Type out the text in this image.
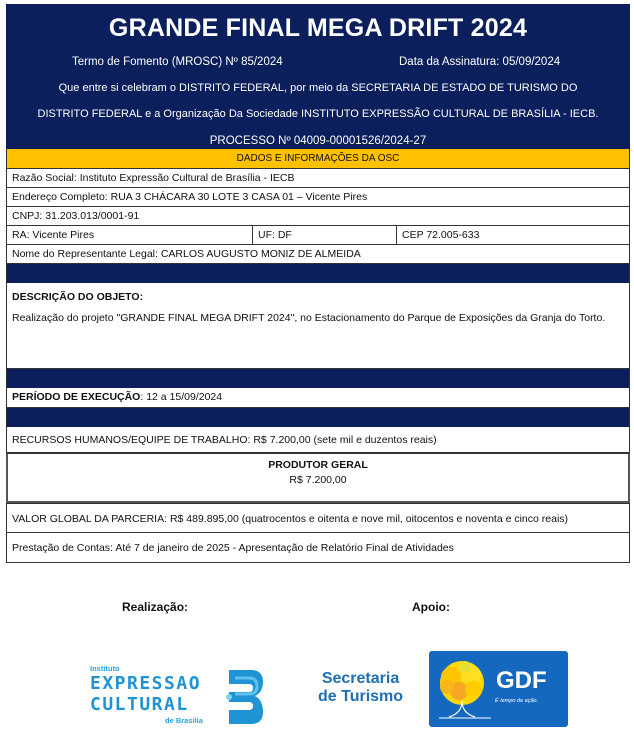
GRANDE FINAL MEGA DRIFT 2024
Termo de Fomento (MROSC) Nº 85/2024	Data da Assinatura: 05/09/2024
Que entre si celebram o DISTRITO FEDERAL, por meio da SECRETARIA DE ESTADO DE TURISMO DO
DISTRITO FEDERAL e a Organização Da Sociedade INSTITUTO EXPRESSÃO CULTURAL DE BRASÍLIA - IECB.
PROCESSO Nº 04009-00001526/2024-27
DADOS E INFORMAÇÕES DA OSC
Razão Social: Instituto Expressão Cultural de Brasília - IECB
Endereço Completo: RUA 3 CHÁCARA 30 LOTE 3 CASA 01 – Vicente Pires
CNPJ: 31.203.013/0001-91
RA: Vicente Pires	UF: DF	CEP 72.005-633
Nome do Representante Legal: CARLOS AUGUSTO MONIZ DE ALMEIDA
DESCRIÇÃO DO OBJETO:
Realização do projeto "GRANDE FINAL MEGA DRIFT 2024", no Estacionamento do Parque de Exposições da Granja do Torto.
PERÍODO DE EXECUÇÃO: 12 a 15/09/2024
RECURSOS HUMANOS/EQUIPE DE TRABALHO: R$ 7.200,00 (sete mil e duzentos reais)
PRODUTOR GERAL
R$ 7.200,00
VALOR GLOBAL DA PARCERIA: R$ 489.895,00 (quatrocentos e oitenta e nove mil, oitocentos e noventa e cinco reais)
Prestação de Contas: Até 7 de janeiro de 2025 - Apresentação de Relatório Final de Atividades
Realização:	Apoio:
Instituto
EXPRESSAO
CULTURAL
de Brasilia
Secretaria
de Turismo
GDF
É tempo de ação.
